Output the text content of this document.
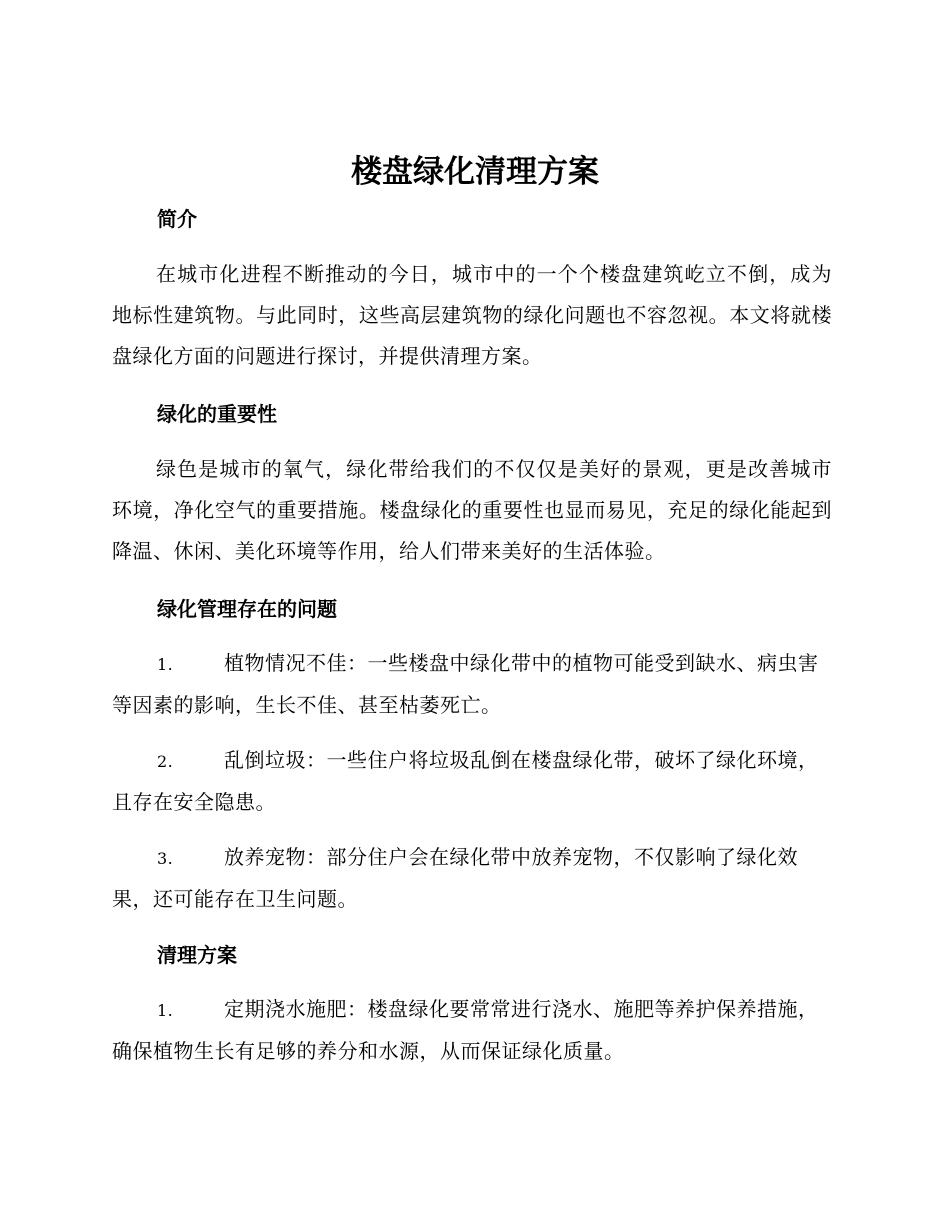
楼盘绿化清理方案
简介

在城市化进程不断推动的今日，城市中的一个个楼盘建筑屹立不倒，成为地标性建筑物。与此同时，这些高层建筑物的绿化问题也不容忽视。本文将就楼盘绿化方面的问题进行探讨，并提供清理方案。

绿化的重要性

绿色是城市的氧气，绿化带给我们的不仅仅是美好的景观，更是改善城市环境，净化空气的重要措施。楼盘绿化的重要性也显而易见，充足的绿化能起到降温、休闲、美化环境等作用，给人们带来美好的生活体验。

绿化管理存在的问题

1.	植物情况不佳：一些楼盘中绿化带中的植物可能受到缺水、病虫害等因素的影响，生长不佳、甚至枯萎死亡。

2.	乱倒垃圾：一些住户将垃圾乱倒在楼盘绿化带，破坏了绿化环境，且存在安全隐患。

3.	放养宠物：部分住户会在绿化带中放养宠物，不仅影响了绿化效果，还可能存在卫生问题。

清理方案

1.	定期浇水施肥：楼盘绿化要常常进行浇水、施肥等养护保养措施，确保植物生长有足够的养分和水源，从而保证绿化质量。
